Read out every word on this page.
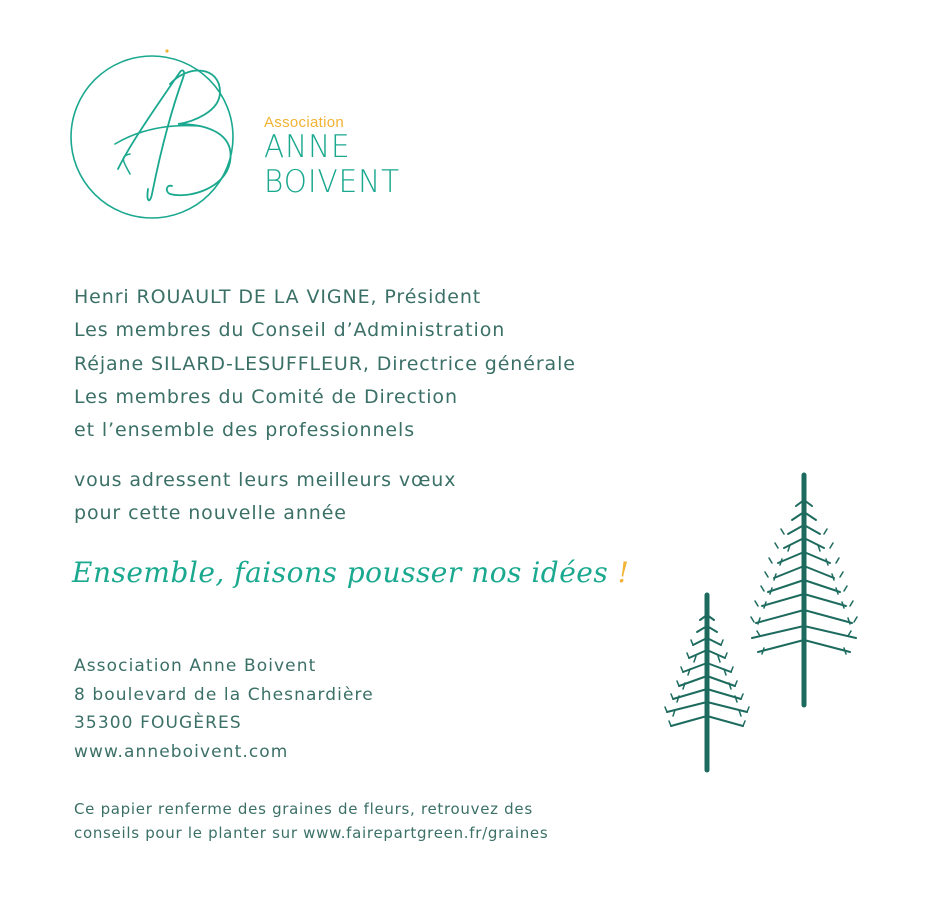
Association
ANNE
BOIVENT
Henri ROUAULT DE LA VIGNE, Président
Les membres du Conseil d’Administration
Réjane SILARD-LESUFFLEUR, Directrice générale
Les membres du Comité de Direction
et l’ensemble des professionnels
vous adressent leurs meilleurs vœux
pour cette nouvelle année
Ensemble, faisons pousser nos idées !
Association Anne Boivent
8 boulevard de la Chesnardière
35300 FOUGÈRES
www.anneboivent.com
Ce papier renferme des graines de fleurs, retrouvez des
conseils pour le planter sur www.fairepartgreen.fr/graines
